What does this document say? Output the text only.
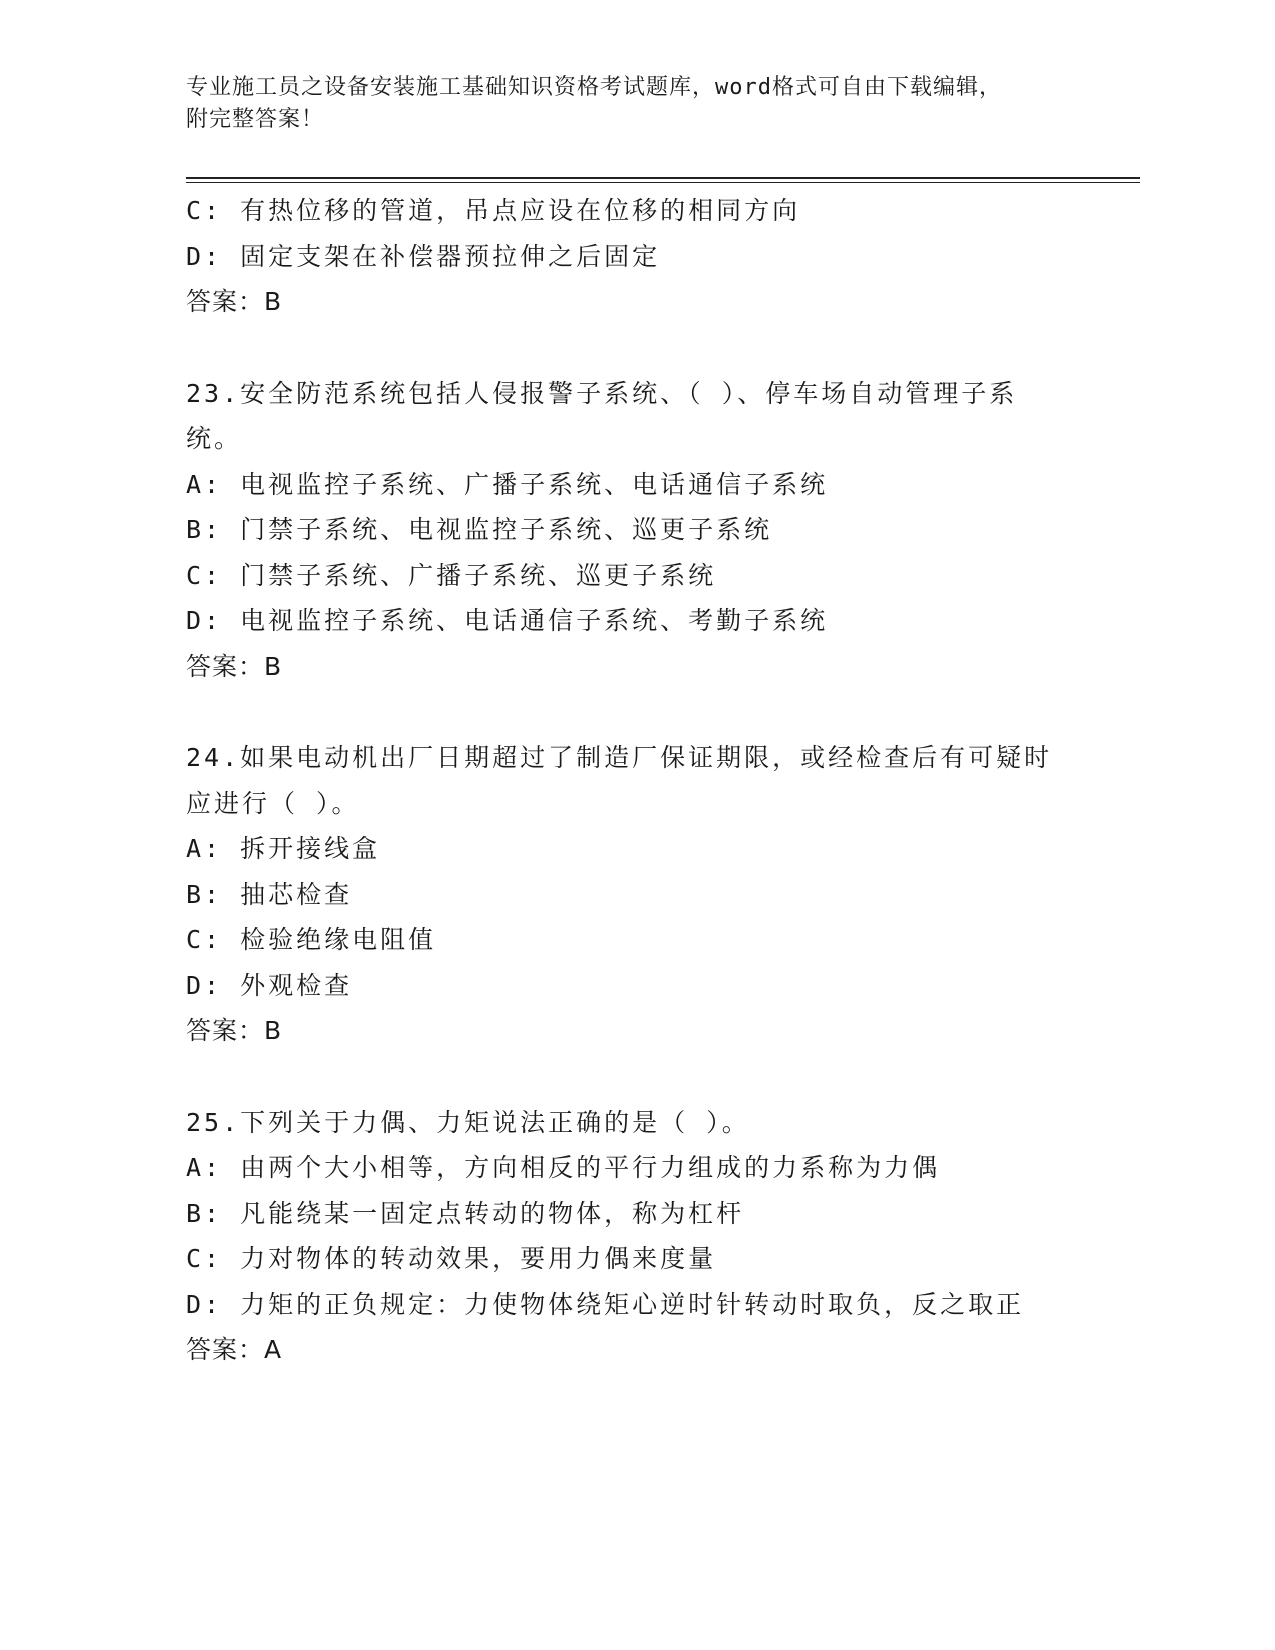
专业施工员之设备安装施工基础知识资格考试题库，word格式可自由下载编辑，
附完整答案！
C: 有热位移的管道，吊点应设在位移的相同方向
D: 固定支架在补偿器预拉伸之后固定
答案：B
23.安全防范系统包括人侵报警子系统、（ ）、停车场自动管理子系
统。
A: 电视监控子系统、广播子系统、电话通信子系统
B: 门禁子系统、电视监控子系统、巡更子系统
C: 门禁子系统、广播子系统、巡更子系统
D: 电视监控子系统、电话通信子系统、考勤子系统
答案：B
24.如果电动机出厂日期超过了制造厂保证期限，或经检查后有可疑时
应进行（ ）。
A: 拆开接线盒
B: 抽芯检查
C: 检验绝缘电阻值
D: 外观检查
答案：B
25.下列关于力偶、力矩说法正确的是（ ）。
A: 由两个大小相等，方向相反的平行力组成的力系称为力偶
B: 凡能绕某一固定点转动的物体，称为杠杆
C: 力对物体的转动效果，要用力偶来度量
D: 力矩的正负规定：力使物体绕矩心逆时针转动时取负，反之取正
答案：A
